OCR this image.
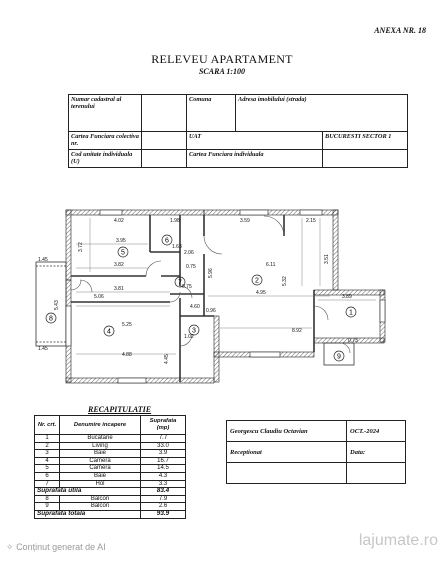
ANEXA NR. 18
RELEVEU APARTAMENT
SCARA 1:100
Numar cadastral al terenului		Comuna	Adresa imobilului (strada)	
Cartea Funciara colectiva nr.		UAT		BUCURESTI SECTOR 1
Cod unitate individuala (U)		Cartea Funciara individuala		
5
6
7	2
1
3
4
8
9
4.02	1.98
3.95
3.82
2.06
0.75
3.81
5.06
5.25
4.88
1.45
5.43
1.45
1.63
3.59	2.15
6.11
5.32
3.51
4.95
3.89
8.92
0.73
1.02
4.60
0.75
3.72
0.96
5.96
4.45
RECAPITULATIE
Nr. crt.	Denumire incapere	Suprafata (mp)
1	Bucatarie	7.7
2	Living	33.0
3	Baie	3.9
4	Camera	16.7
5	Camera	14.5
6	Baie	4.3
7	Hol	3.3
Suprafata utila		83.4
8	Balcon	7.9
9	Balcon	2.6
Suprafata totala		93.9
Georgescu Claudiu Octavian	OCT.-2024
Receptionat	Data:

✧ Conținut generat de AI	lajumate.ro
